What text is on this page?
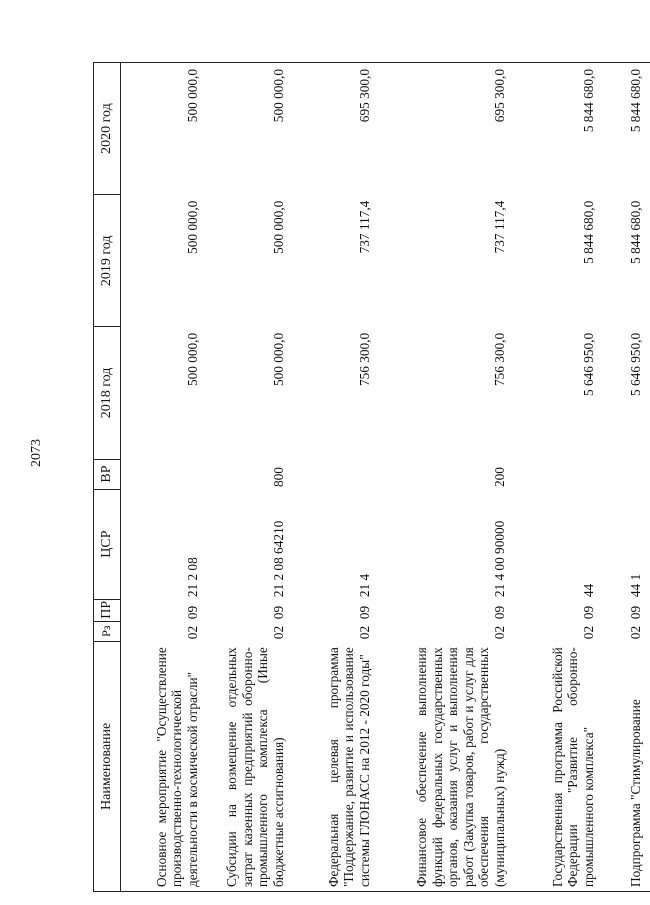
2073
Наименование	Рз	ПР	ЦСР	ВР	2018 год	2019 год	2020 год

Основное мероприятие "Осуществление производственно-технологической деятельности в космической отрасли"	02	09	21 2 08		500 000,0	500 000,0	500 000,0

Субсидии на возмещение отдельных затрат казенных предприятий оборонно-промышленного комплекса (Иные бюджетные ассигнования)	02	09	21 2 08 64210	800	500 000,0	500 000,0	500 000,0

Федеральная целевая программа "Поддержание, развитие и использование системы ГЛОНАСС на 2012 - 2020 годы"	02	09	21 4		756 300,0	737 117,4	695 300,0

Финансовое обеспечение выполнения функций федеральных государственных органов, оказания услуг и выполнения работ (Закупка товаров, работ и услуг для обеспечения государственных (муниципальных) нужд)	02	09	21 4 00 90000	200	756 300,0	737 117,4	695 300,0

Государственная программа Российской Федерации "Развитие оборонно-промышленного комплекса"	02	09	44		5 646 950,0	5 844 680,0	5 844 680,0

Подпрограмма "Стимулирование	02	09	44 1		5 646 950,0	5 844 680,0	5 844 680,0
